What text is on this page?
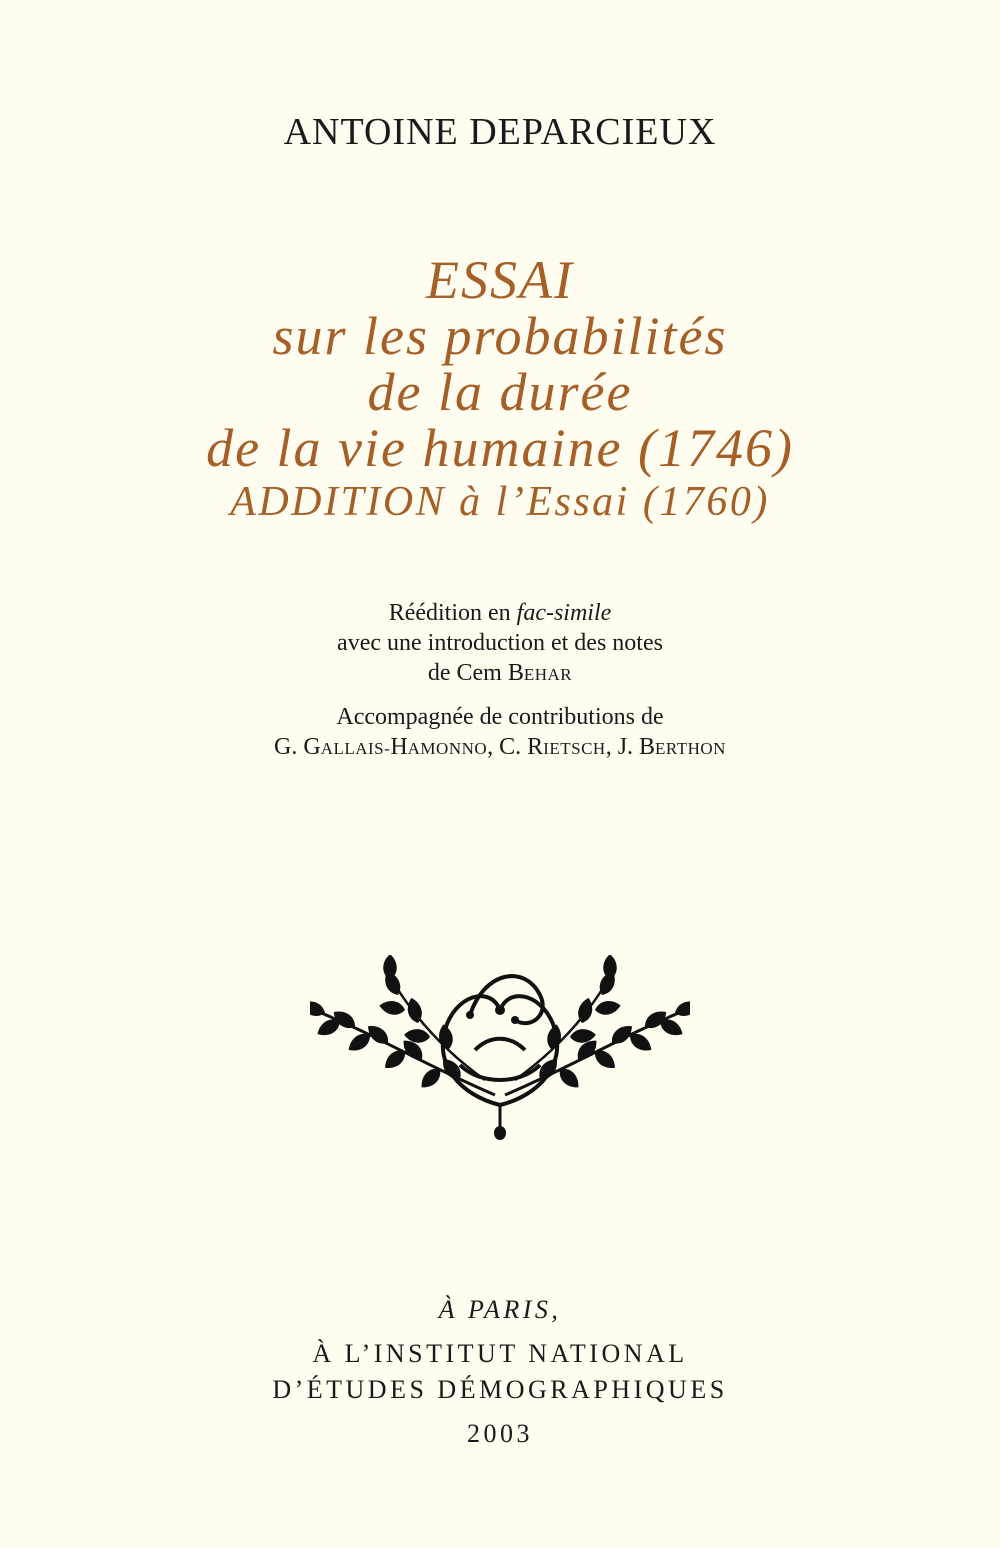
ANTOINE DEPARCIEUX
ESSAI
sur les probabilités
de la durée
de la vie humaine (1746)
ADDITION à l’Essai (1760)
Réédition en fac-simile
avec une introduction et des notes
de Cem BEHAR
Accompagnée de contributions de
G. GALLAIS-HAMONNO, C. RIETSCH, J. BERTHON
À PARIS,
À L’INSTITUT NATIONAL
D’ÉTUDES DÉMOGRAPHIQUES
2003
